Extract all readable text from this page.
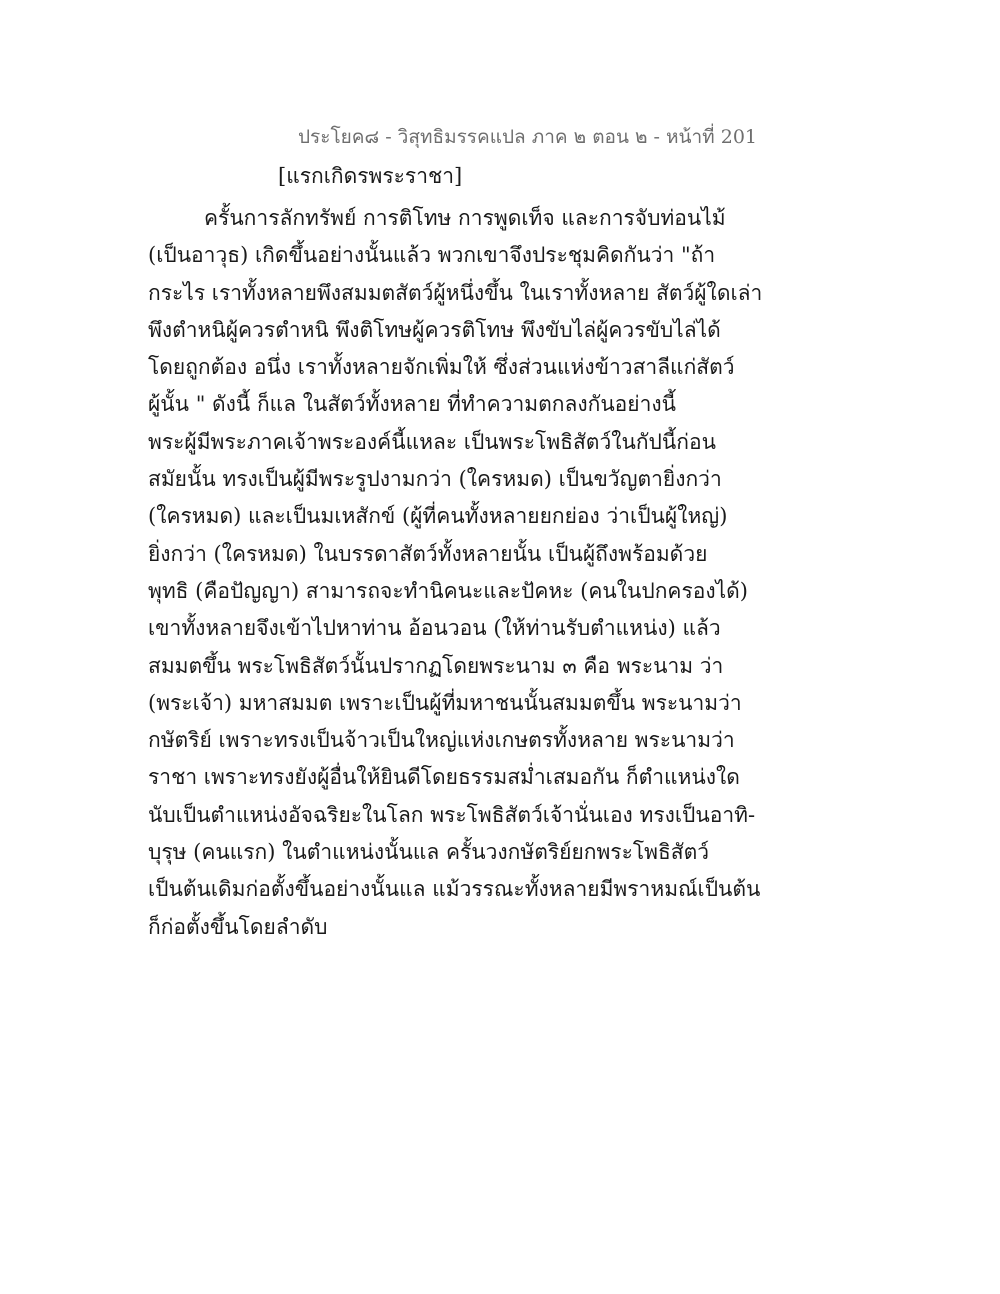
ประโยค๘ - วิสุทธิมรรคแปล ภาค ๒ ตอน ๒ - หน้าที่ 201
[แรกเกิดรพระราชา]
ครั้นการลักทรัพย์ การติโทษ การพูดเท็จ และการจับท่อนไม้
(เป็นอาวุธ) เกิดขึ้นอย่างนั้นแล้ว พวกเขาจึงประชุมคิดกันว่า "ถ้า
กระไร เราทั้งหลายพึงสมมตสัตว์ผู้หนึ่งขึ้น ในเราทั้งหลาย สัตว์ผู้ใดเล่า
พึงตำหนิผู้ควรตำหนิ พึงติโทษผู้ควรติโทษ พึงขับไล่ผู้ควรขับไล่ได้
โดยถูกต้อง อนึ่ง เราทั้งหลายจักเพิ่มให้ ซึ่งส่วนแห่งข้าวสาลีแก่สัตว์
ผู้นั้น " ดังนี้ ก็แล ในสัตว์ทั้งหลาย ที่ทำความตกลงกันอย่างนี้
พระผู้มีพระภาคเจ้าพระองค์นี้แหละ เป็นพระโพธิสัตว์ในกัปนี้ก่อน
สมัยนั้น ทรงเป็นผู้มีพระรูปงามกว่า (ใครหมด) เป็นขวัญตายิ่งกว่า
(ใครหมด) และเป็นมเหสักข์ (ผู้ที่คนทั้งหลายยกย่อง ว่าเป็นผู้ใหญ่)
ยิ่งกว่า (ใครหมด) ในบรรดาสัตว์ทั้งหลายนั้น เป็นผู้ถึงพร้อมด้วย
พุทธิ (คือปัญญา) สามารถจะทำนิคนะและปัคหะ (คนในปกครองได้)
เขาทั้งหลายจึงเข้าไปหาท่าน อ้อนวอน (ให้ท่านรับตำแหน่ง) แล้ว
สมมตขึ้น พระโพธิสัตว์นั้นปรากฏโดยพระนาม ๓ คือ พระนาม ว่า
(พระเจ้า) มหาสมมต เพราะเป็นผู้ที่มหาชนนั้นสมมตขึ้น พระนามว่า
กษัตริย์ เพราะทรงเป็นจ้าวเป็นใหญ่แห่งเกษตรทั้งหลาย พระนามว่า
ราชา เพราะทรงยังผู้อื่นให้ยินดีโดยธรรมสม่ำเสมอกัน ก็ตำแหน่งใด
นับเป็นตำแหน่งอัจฉริยะในโลก พระโพธิสัตว์เจ้านั่นเอง ทรงเป็นอาทิ-
บุรุษ (คนแรก) ในตำแหน่งนั้นแล ครั้นวงกษัตริย์ยกพระโพธิสัตว์
เป็นต้นเดิมก่อตั้งขึ้นอย่างนั้นแล แม้วรรณะทั้งหลายมีพราหมณ์เป็นต้น
ก็ก่อตั้งขึ้นโดยลำดับ
